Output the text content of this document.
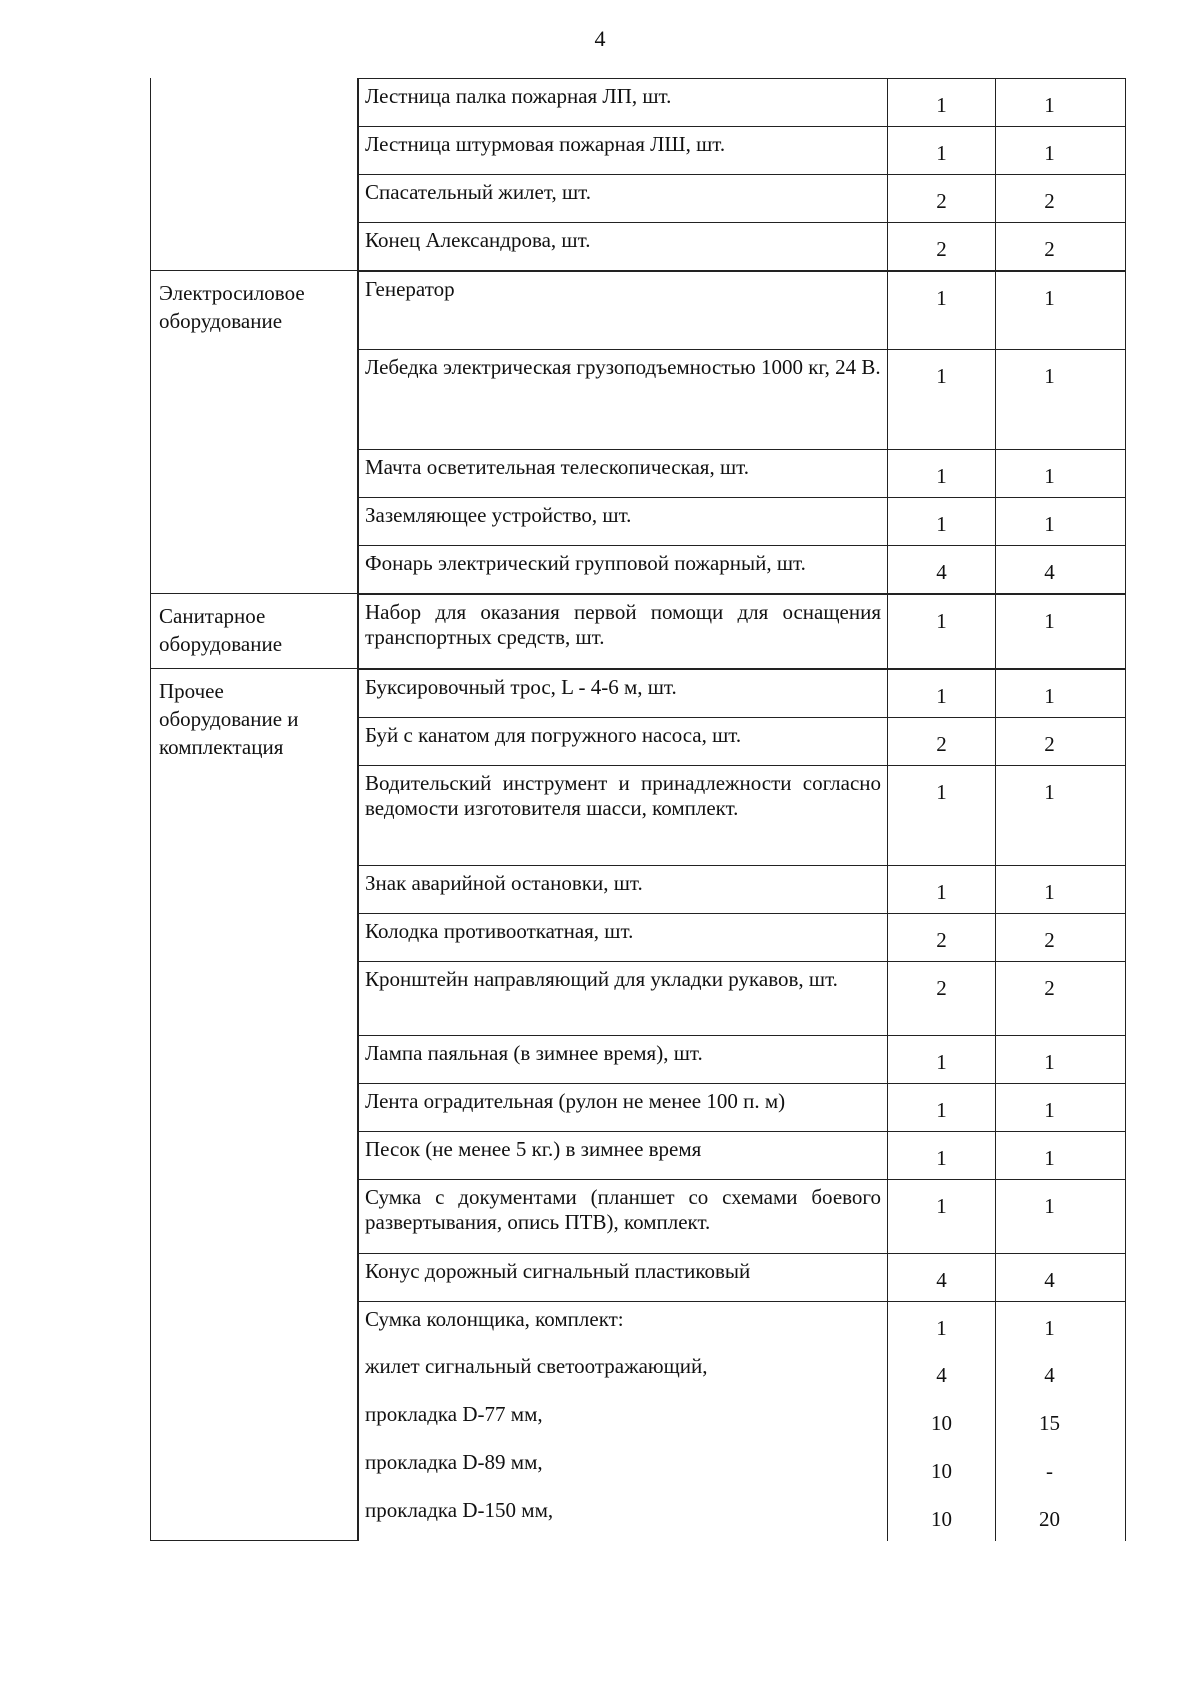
4
Лестница палка пожарная ЛП, шт.	1	1
Лестница штурмовая пожарная ЛШ, шт.	1	1
Спасательный жилет, шт.	2	2
Конец Александрова, шт.	2	2
Электросиловое оборудование
Генератор	1	1
Лебедка электрическая грузоподъемностью 1000 кг, 24 В.	1	1
Мачта осветительная телескопическая, шт.	1	1
Заземляющее устройство, шт.	1	1
Фонарь электрический групповой пожарный, шт.	4	4
Санитарное оборудование
Набор для оказания первой помощи для оснащения транспортных средств, шт.
1	1
Прочее оборудование и комплектация
Буксировочный трос, L - 4-6 м, шт.	1	1
Буй с канатом для погружного насоса, шт.	2	2
Водительский инструмент и принадлежности согласно ведомости изготовителя шасси, комплект.
1	1
Знак аварийной остановки, шт.	1	1
Колодка противооткатная, шт.	2	2
Кронштейн направляющий для укладки рукавов, шт.	2	2
Лампа паяльная (в зимнее время), шт.	1	1
Лента оградительная (рулон не менее 100 п. м)	1	1
Песок (не менее 5 кг.) в зимнее время	1	1
Сумка с документами (планшет со схемами боевого развертывания, опись ПТВ), комплект.
1	1
Конус дорожный сигнальный пластиковый	4	4
Сумка колонщика, комплект:	1	1
жилет сигнальный светоотражающий,	4	4
прокладка D-77 мм,	10	15
прокладка D-89 мм,	10	-
прокладка D-150 мм,	10	20
